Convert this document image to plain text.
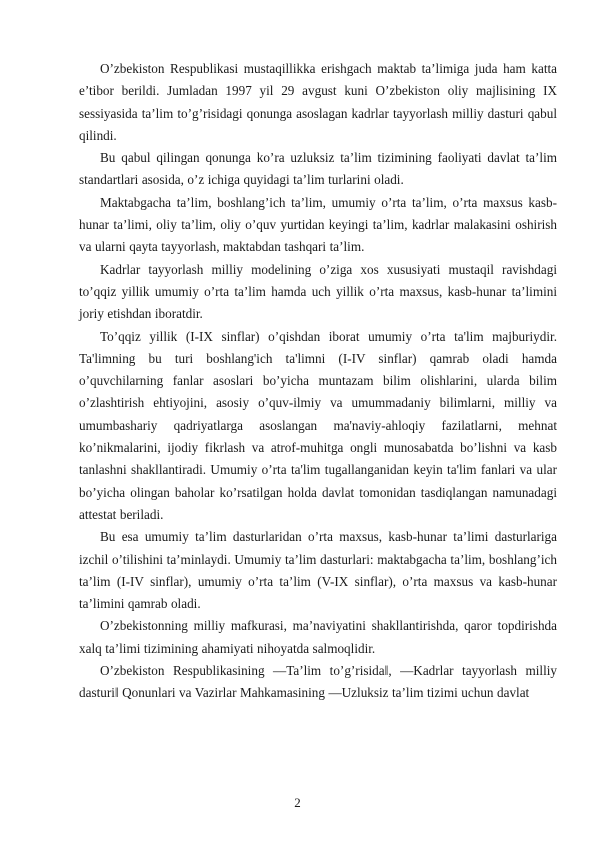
O’zbekiston Respublikasi mustaqillikka erishgach maktab ta’limiga juda ham katta e’tibor berildi. Jumladan 1997 yil 29 avgust kuni O’zbekiston oliy majlisining IX sessiyasida ta’lim to’g’risidagi qonunga asoslagan kadrlar tayyorlash milliy dasturi qabul qilindi.

Bu qabul qilingan qonunga ko’ra uzluksiz ta’lim tizimining faoliyati davlat ta’lim standartlari asosida, o’z ichiga quyidagi ta’lim turlarini oladi.

Maktabgacha ta’lim, boshlang’ich ta’lim, umumiy o’rta ta’lim, o’rta maxsus kasb-hunar ta’limi, oliy ta’lim, oliy o’quv yurtidan keyingi ta’lim, kadrlar malakasini oshirish va ularni qayta tayyorlash, maktabdan tashqari ta’lim.

Kadrlar tayyorlash milliy modelining o’ziga xos xususiyati mustaqil ravishdagi to’qqiz yillik umumiy o’rta ta’lim hamda uch yillik o’rta maxsus, kasb-hunar ta’limini joriy etishdan iboratdir.

To’qqiz yillik (I-IX sinflar) o’qishdan iborat umumiy o’rta ta'lim majburiydir. Ta'limning bu turi boshlang'ich ta'limni (I-IV sinflar) qamrab oladi hamda o’quvchilarning fanlar asoslari bo’yicha muntazam bilim olishlarini, ularda bilim o’zlashtirish ehtiyojini, asosiy o’quv-ilmiy va umummadaniy bilimlarni, milliy va umumbashariy qadriyatlarga asoslangan ma'naviy-ahloqiy fazilatlarni, mehnat ko’nikmalarini, ijodiy fikrlash va atrof-muhitga ongli munosabatda bo’lishni va kasb tanlashni shakllantiradi. Umumiy o’rta ta'lim tugallanganidan keyin ta'lim fanlari va ular bo’yicha olingan baholar ko’rsatilgan holda davlat tomonidan tasdiqlangan namunadagi attestat beriladi.

Bu esa umumiy ta’lim dasturlaridan o’rta maxsus, kasb-hunar ta’limi dasturlariga izchil o’tilishini ta’minlaydi. Umumiy ta’lim dasturlari: maktabgacha ta’lim, boshlang’ich ta’lim (I-IV sinflar), umumiy o’rta ta’lim (V-IX sinflar), o’rta maxsus va kasb-hunar ta’limini qamrab oladi.

O’zbekistonning milliy mafkurasi, ma’naviyatini shakllantirishda, qaror topdirishda xalq ta’limi tizimining ahamiyati nihoyatda salmoqlidir.

O’zbekiston Respublikasining ―Ta’lim to’g’risida‖, ―Kadrlar tayyorlash milliy dasturi‖ Qonunlari va Vazirlar Mahkamasining ―Uzluksiz ta’lim tizimi uchun davlat

2
